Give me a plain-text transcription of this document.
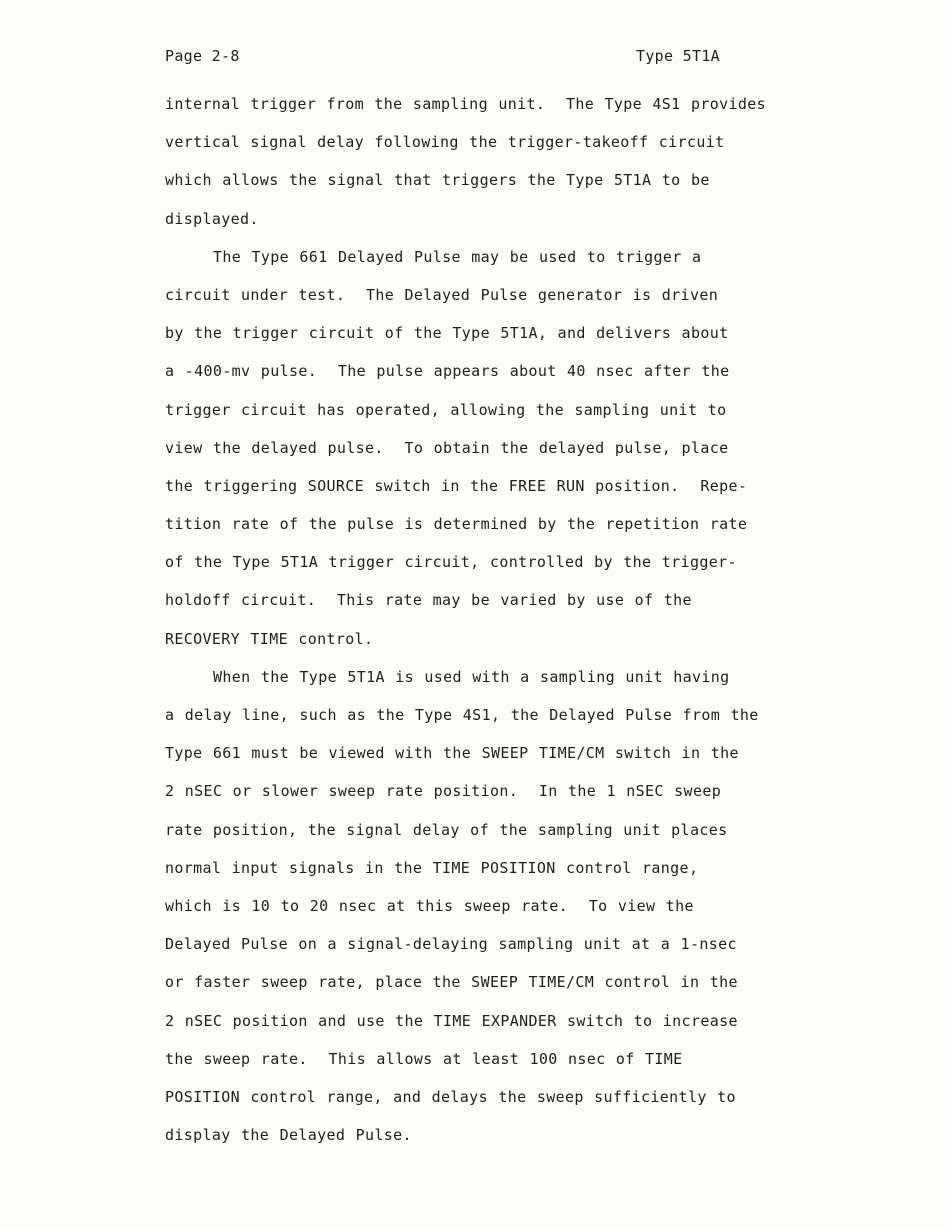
Page 2-8	Type 5T1A
internal trigger from the sampling unit.  The Type 4S1 provides
vertical signal delay following the trigger-takeoff circuit
which allows the signal that triggers the Type 5T1A to be
displayed.
The Type 661 Delayed Pulse may be used to trigger a
circuit under test.  The Delayed Pulse generator is driven
by the trigger circuit of the Type 5T1A, and delivers about
a -400-mv pulse.  The pulse appears about 40 nsec after the
trigger circuit has operated, allowing the sampling unit to
view the delayed pulse.  To obtain the delayed pulse, place
the triggering SOURCE switch in the FREE RUN position.  Repe-
tition rate of the pulse is determined by the repetition rate
of the Type 5T1A trigger circuit, controlled by the trigger-
holdoff circuit.  This rate may be varied by use of the
RECOVERY TIME control.
When the Type 5T1A is used with a sampling unit having
a delay line, such as the Type 4S1, the Delayed Pulse from the
Type 661 must be viewed with the SWEEP TIME/CM switch in the
2 nSEC or slower sweep rate position.  In the 1 nSEC sweep
rate position, the signal delay of the sampling unit places
normal input signals in the TIME POSITION control range,
which is 10 to 20 nsec at this sweep rate.  To view the
Delayed Pulse on a signal-delaying sampling unit at a 1-nsec
or faster sweep rate, place the SWEEP TIME/CM control in the
2 nSEC position and use the TIME EXPANDER switch to increase
the sweep rate.  This allows at least 100 nsec of TIME
POSITION control range, and delays the sweep sufficiently to
display the Delayed Pulse.
